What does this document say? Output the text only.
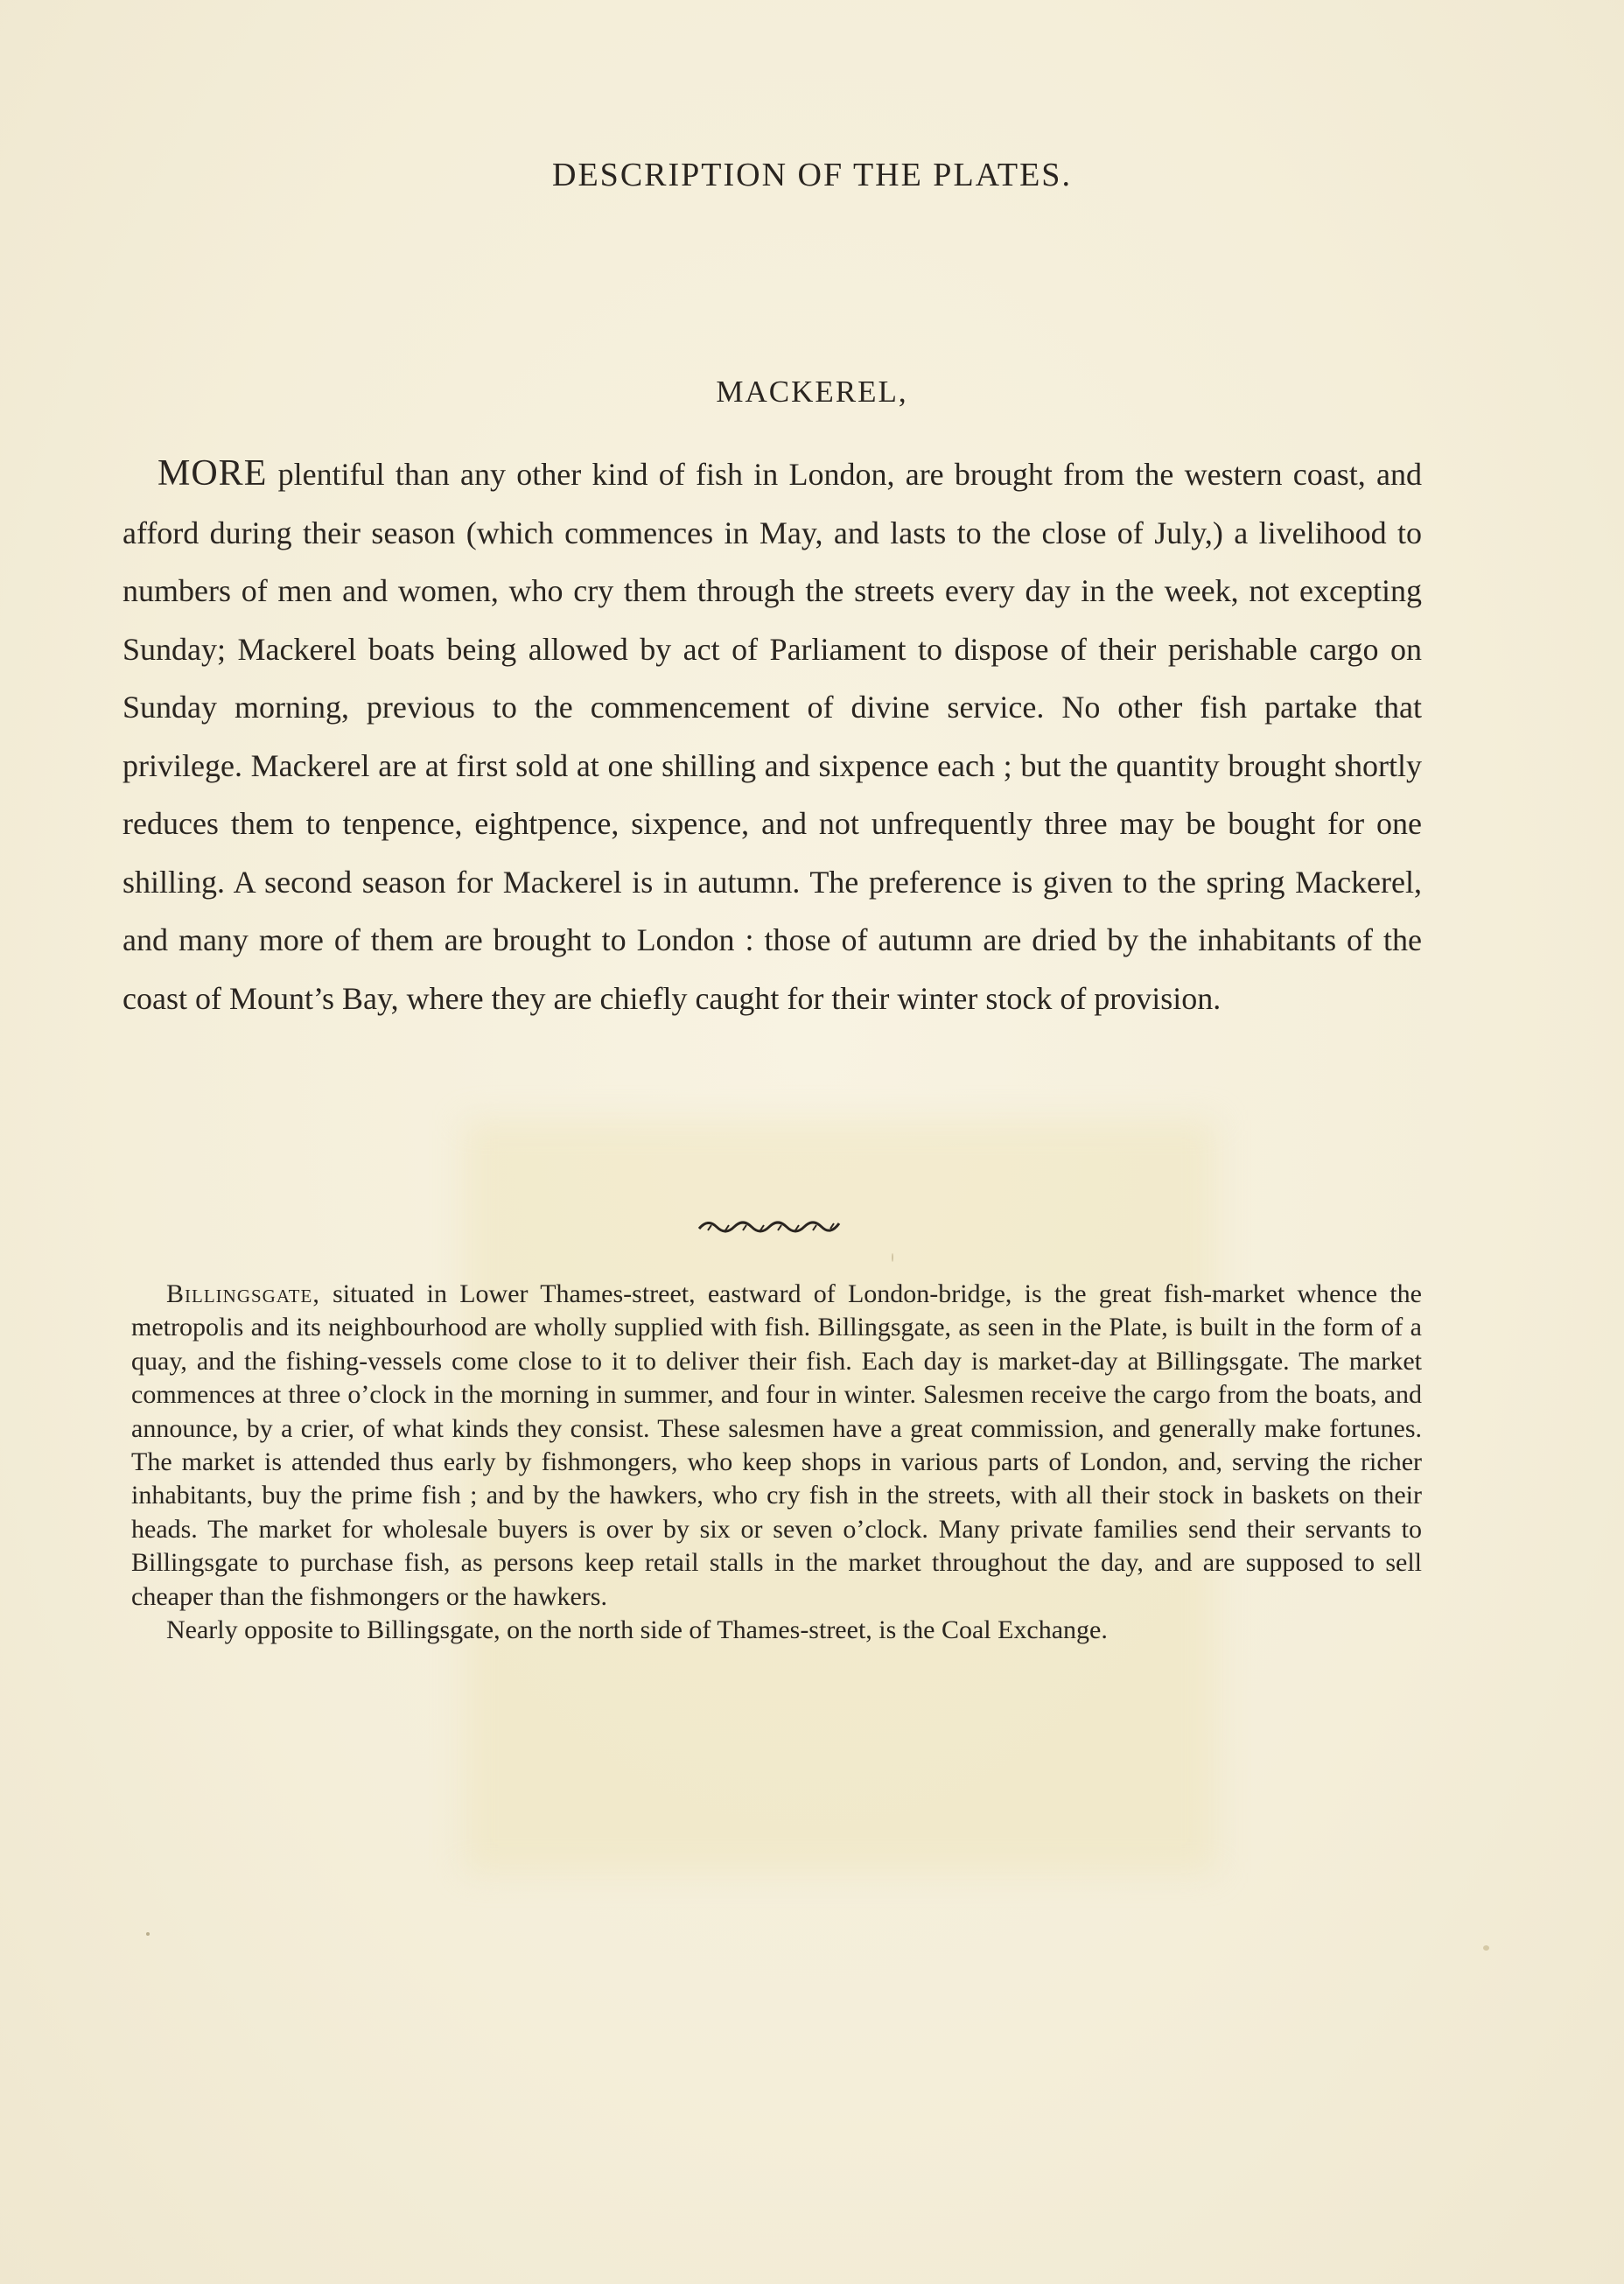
DESCRIPTION OF THE PLATES.
MACKEREL,

MORE plentiful than any other kind of fish in London, are brought from the western coast, and afford during their season (which commences in May, and lasts to the close of July,) a livelihood to numbers of men and women, who cry them through the streets every day in the week, not excepting Sunday; Mackerel boats being allowed by act of Parliament to dispose of their perishable cargo on Sunday morning, previous to the commencement of divine service. No other fish partake that privilege. Mackerel are at first sold at one shilling and sixpence each ; but the quantity brought shortly reduces them to tenpence, eightpence, sixpence, and not unfrequently three may be bought for one shilling. A second season for Mackerel is in autumn. The preference is given to the spring Mackerel, and many more of them are brought to London : those of autumn are dried by the inhabitants of the coast of Mount’s Bay, where they are chiefly caught for their winter stock of provision.

Billingsgate, situated in Lower Thames-street, eastward of London-bridge, is the great fish-market whence the metropolis and its neighbourhood are wholly supplied with fish. Billingsgate, as seen in the Plate, is built in the form of a quay, and the fishing-vessels come close to it to deliver their fish. Each day is market-day at Billingsgate. The market commences at three o’clock in the morning in summer, and four in winter. Salesmen receive the cargo from the boats, and announce, by a crier, of what kinds they consist. These salesmen have a great commission, and generally make fortunes. The market is attended thus early by fishmongers, who keep shops in various parts of London, and, serving the richer inhabitants, buy the prime fish ; and by the hawkers, who cry fish in the streets, with all their stock in baskets on their heads. The market for wholesale buyers is over by six or seven o’clock. Many private families send their servants to Billingsgate to purchase fish, as persons keep retail stalls in the market throughout the day, and are supposed to sell cheaper than the fishmongers or the hawkers.

Nearly opposite to Billingsgate, on the north side of Thames-street, is the Coal Exchange.
